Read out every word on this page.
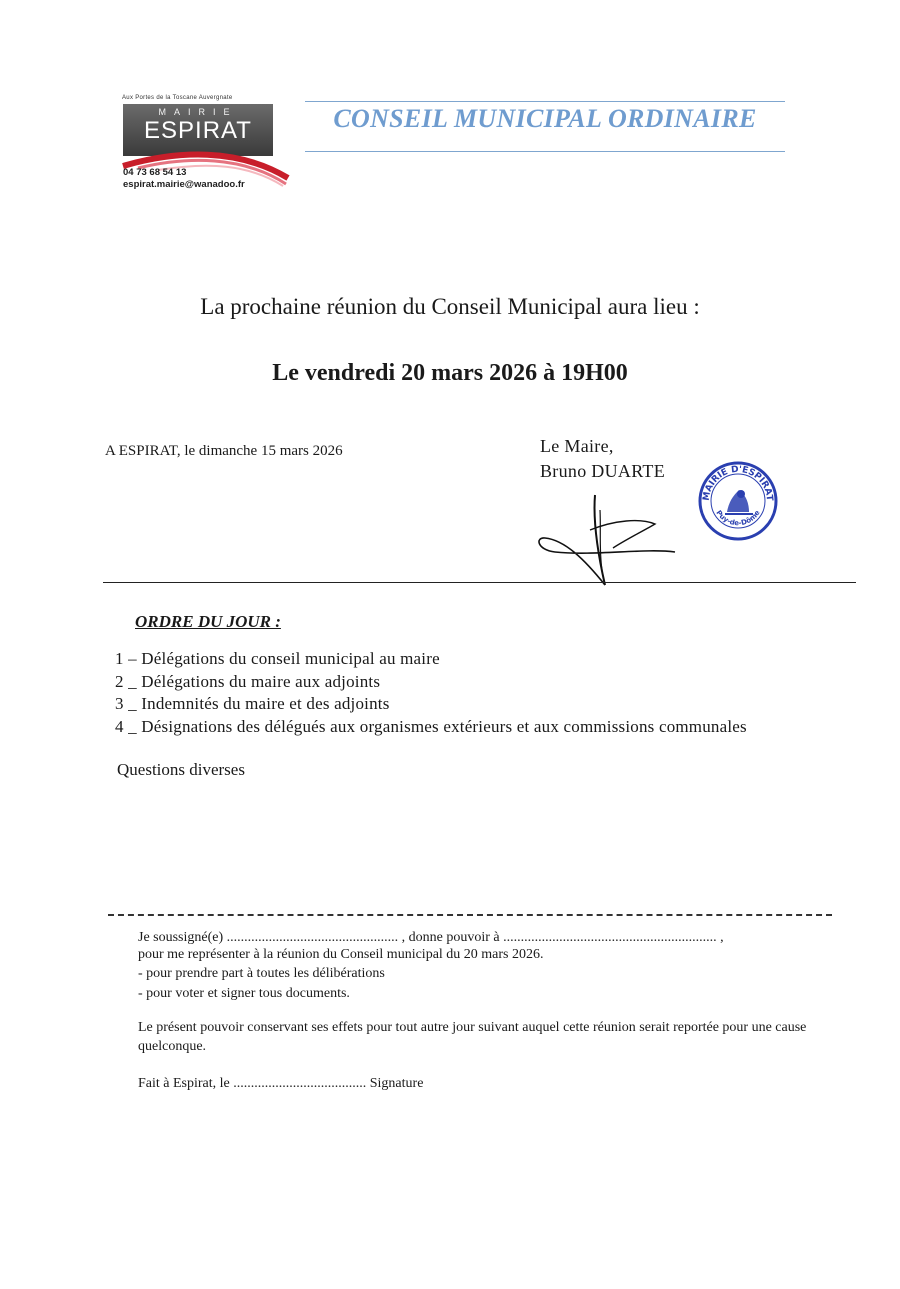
Aux Portes de la Toscane Auvergnate
MAIRIE
ESPIRAT
04 73 68 54 13
espirat.mairie@wanadoo.fr
CONSEIL MUNICIPAL ORDINAIRE
La prochaine réunion du Conseil Municipal aura lieu :
Le vendredi 20 mars 2026 à 19H00
A ESPIRAT, le dimanche 15 mars 2026	Le Maire,
Bruno DUARTE
MAIRIE D'ESPIRAT
Puy-de-Dôme
ORDRE DU JOUR :
1 – Délégations du conseil municipal au maire
2 _ Délégations du maire aux adjoints
3 _ Indemnités du maire et des adjoints
4 _ Désignations des délégués aux organismes extérieurs et aux commissions communales
Questions diverses
Je soussigné(e) ................................................. , donne pouvoir à ............................................................. ,
pour me représenter à la réunion du Conseil municipal du 20 mars 2026.
- pour prendre part à toutes les délibérations
- pour voter et signer tous documents.
Le présent pouvoir conservant ses effets pour tout autre jour suivant auquel cette réunion serait reportée pour une cause quelconque.
Fait à Espirat, le ...................................... Signature
